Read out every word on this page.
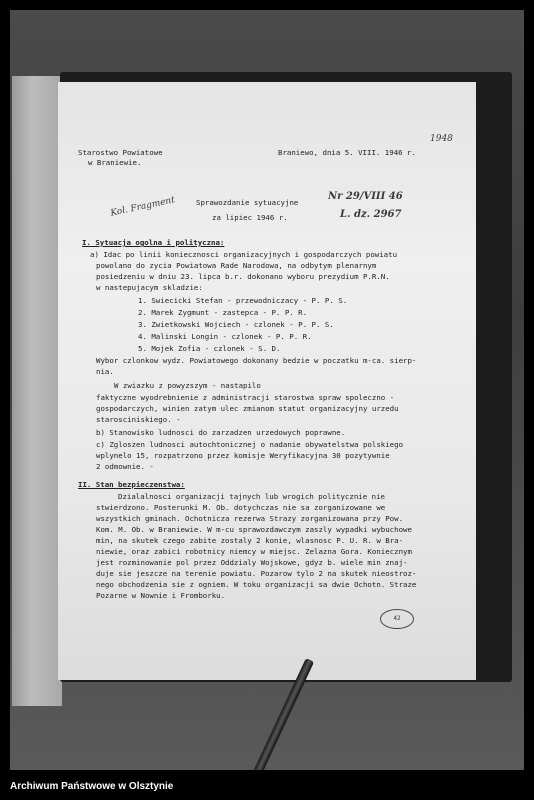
Starostwo Powiatowe
w Braniewie.
Braniewo, dnia 5. VIII. 1946 r.
1948
Kol. Fragment	Sprawozdanie sytuacyjne
za lipiec 1946 r.
Nr 29/VIII 46
L. dz. 2967
I. Sytuacja ogolna i polityczna:
a) Idac po linii koniecznosci organizacyjnych i gospodarczych powiatu
powolano do zycia Powiatowa Rade Narodowa, na odbytym plenarnym
posiedzeniu w dniu 23. lipca b.r. dokonano wyboru prezydium P.R.N.
w nastepujacym skladzie:
1. Swiecicki Stefan - przewodniczacy - P. P. S.
2. Marek Zygmunt - zastepca - P. P. R.
3. Zwietkowski Wojciech - czlonek - P. P. S.
4. Malinski Longin - czlonek - P. P. R.
5. Mojek Zofia - czlonek - S. D.
Wybor czlonkow wydz. Powiatowego dokonany bedzie w poczatku m-ca. sierp-
nia.
W zwiazku z powyzszym - nastapilo
faktyczne wyodrebnienie z administracji starostwa spraw spoleczno -
gospodarczych, winien zatym ulec zmianom statut organizacyjny urzedu
starosciniskiego. -
b) Stanowisko ludnosci do zarzadzen urzedowych poprawne.
c) Zgloszen ludnosci autochtonicznej o nadanie obywatelstwa polskiego
wplynelo 15, rozpatrzono przez komisje Weryfikacyjna 30 pozytywnie
2 odmownie. -
II. Stan bezpieczenstwa:
Dzialalnosci organizacji tajnych lub wrogich politycznie nie
stwierdzono. Posterunki M. Ob. dotychczas nie sa zorganizowane we
wszystkich gminach. Ochotnicza rezerwa Strazy zorganizowana przy Pow.
Kom. M. Ob. w Braniewie. W m-cu sprawozdawczym zaszly wypadki wybuchowe
min, na skutek czego zabite zostaly 2 konie, wlasnosc P. U. R. w Bra-
niewie, oraz zabici robotnicy niemcy w miejsc. Zelazna Gora. Koniecznym
jest rozminowanie pol przez Oddzialy Wojskowe, gdyz b. wiele min znaj-
duje sie jeszcze na terenie powiatu. Pozarow tylo 2 na skutek nieostroz-
nego obchodzenia sie z ogniem. W toku organizacji sa dwie Ochotn. Straze
Pozarne w Nownie i Fromborku.
42
Archiwum Państwowe w Olsztynie
